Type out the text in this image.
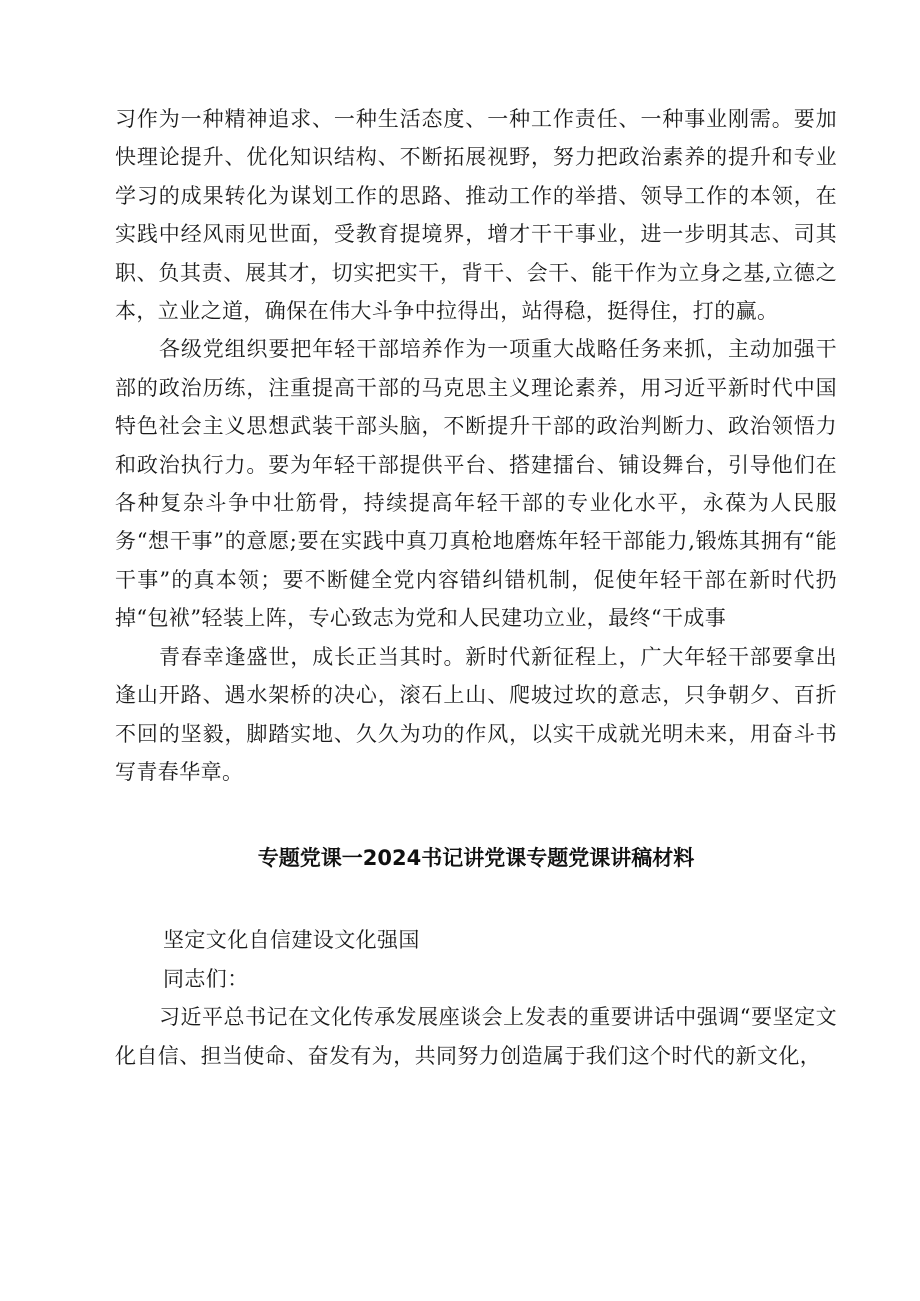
习作为一种精神追求、一种生活态度、一种工作责任、一种事业刚需。要加快理论提升、优化知识结构、不断拓展视野，努力把政治素养的提升和专业学习的成果转化为谋划工作的思路、推动工作的举措、领导工作的本领，在实践中经风雨见世面，受教育提境界，增才干干事业，进一步明其志、司其职、负其责、展其才，切实把实干，背干、会干、能干作为立身之基,立德之本，立业之道，确保在伟大斗争中拉得出，站得稳，挺得住，打的赢。

各级党组织要把年轻干部培养作为一项重大战略任务来抓，主动加强干部的政治历练，注重提高干部的马克思主义理论素养，用习近平新时代中国特色社会主义思想武装干部头脑，不断提升干部的政治判断力、政治领悟力和政治执行力。要为年轻干部提供平台、搭建擂台、铺设舞台，引导他们在各种复杂斗争中壮筋骨，持续提高年轻干部的专业化水平，永葆为人民服务“想干事”的意愿;要在实践中真刀真枪地磨炼年轻干部能力,锻炼其拥有“能干事”的真本领；要不断健全党内容错纠错机制，促使年轻干部在新时代扔掉“包袱”轻装上阵，专心致志为党和人民建功立业，最终“干成事

青春幸逢盛世，成长正当其时。新时代新征程上，广大年轻干部要拿出逢山开路、遇水架桥的决心，滚石上山、爬坡过坎的意志，只争朝夕、百折不回的坚毅，脚踏实地、久久为功的作风，以实干成就光明未来，用奋斗书写青春华章。

专题党课一2024书记讲党课专题党课讲稿材料

坚定文化自信建设文化强国

同志们：

习近平总书记在文化传承发展座谈会上发表的重要讲话中强调“要坚定文化自信、担当使命、奋发有为，共同努力创造属于我们这个时代的新文化，
